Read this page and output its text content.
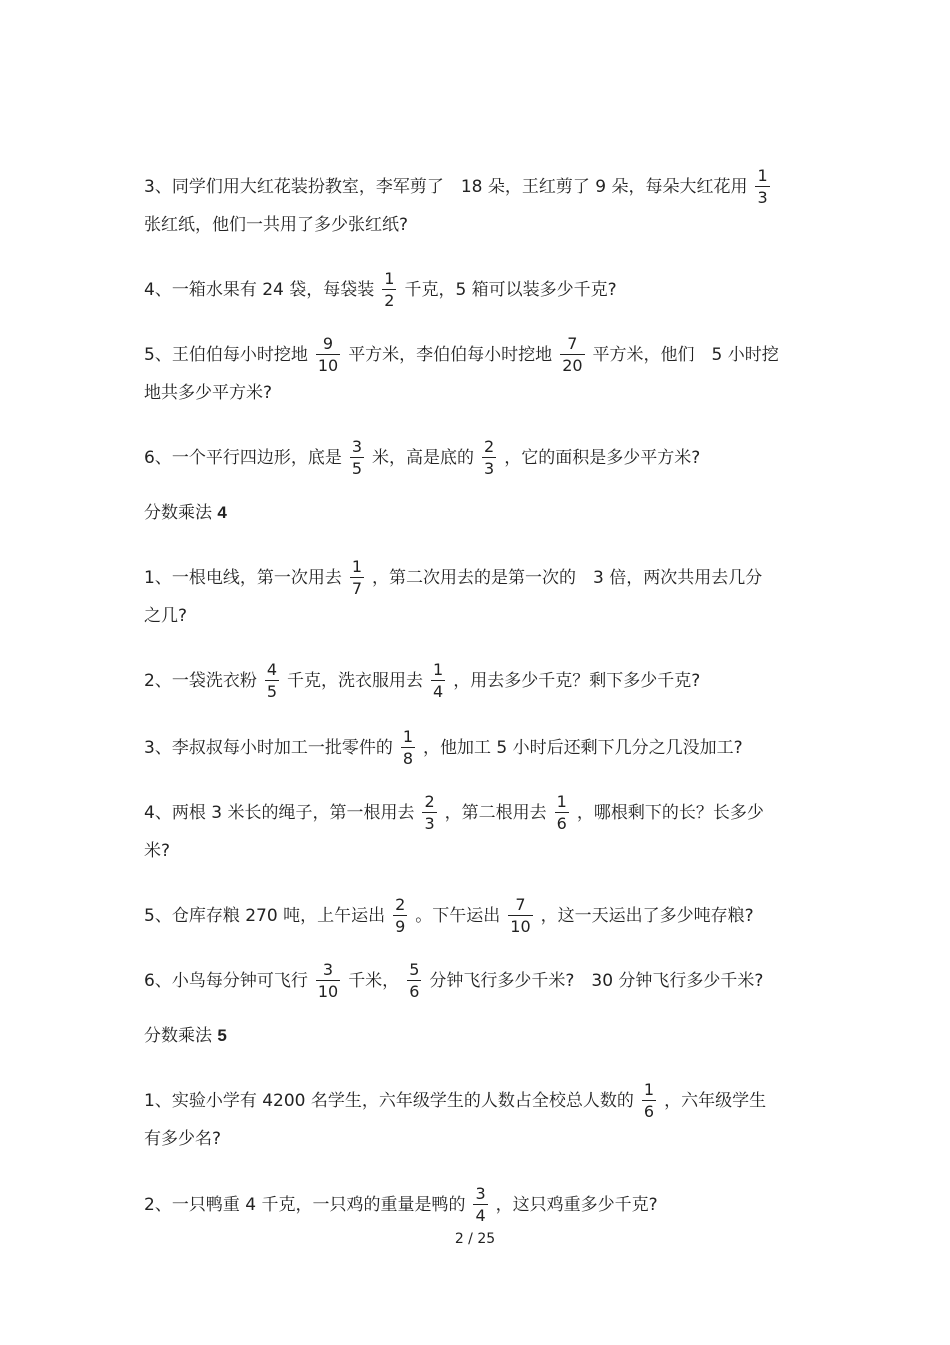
3、同学们用大红花装扮教室，李军剪了　18 朵，王红剪了 9 朵，每朵大红花用 $\frac{1}{3}$
张红纸，他们一共用了多少张红纸?
4、一箱水果有 24 袋，每袋装 $\frac{1}{2}$ 千克，5 箱可以装多少千克?
5、王伯伯每小时挖地 $\frac{9}{10}$ 平方米，李伯伯每小时挖地 $\frac{7}{20}$ 平方米，他们　5 小时挖
地共多少平方米?
6、一个平行四边形，底是 $\frac{3}{5}$ 米，高是底的 $\frac{2}{3}$ ，它的面积是多少平方米?
分数乘法 4
1、一根电线，第一次用去 $\frac{1}{7}$ ，第二次用去的是第一次的　3 倍，两次共用去几分
之几?
2、一袋洗衣粉 $\frac{4}{5}$ 千克，洗衣服用去 $\frac{1}{4}$ ，用去多少千克？剩下多少千克?
3、李叔叔每小时加工一批零件的 $\frac{1}{8}$ ，他加工 5 小时后还剩下几分之几没加工?
4、两根 3 米长的绳子，第一根用去 $\frac{2}{3}$ ，第二根用去 $\frac{1}{6}$ ，哪根剩下的长？长多少
米?
5、仓库存粮 270 吨，上午运出 $\frac{2}{9}$ 。下午运出 $\frac{7}{10}$ ，这一天运出了多少吨存粮?
6、小鸟每分钟可飞行 $\frac{3}{10}$ 千米， $\frac{5}{6}$ 分钟飞行多少千米?　30 分钟飞行多少千米?
分数乘法 5
1、实验小学有 4200 名学生，六年级学生的人数占全校总人数的 $\frac{1}{6}$ ，六年级学生
有多少名?
2、一只鸭重 4 千克，一只鸡的重量是鸭的 $\frac{3}{4}$ ，这只鸡重多少千克?
2 / 25
